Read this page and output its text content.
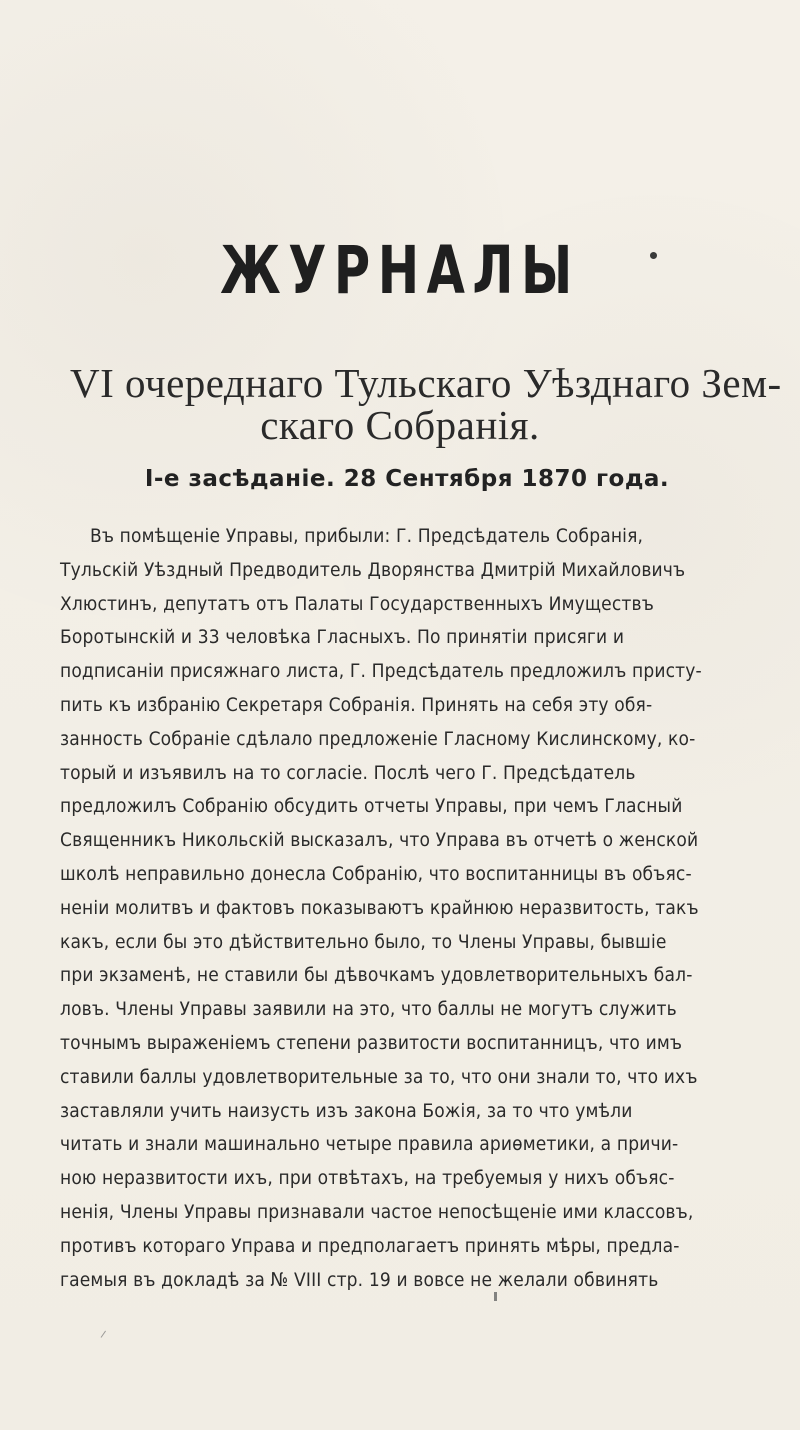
ЖУРНАЛЫ
VI очереднаго Тульскаго Уѣзднаго Зем-
скаго Собранія.
I-е засѣданіе. 28 Сентября 1870 года.
Въ помѣщеніе Управы, прибыли: Г. Предсѣдатель Собранія,
Тульскій Уѣздный Предводитель Дворянства Дмитрій Михайловичъ
Хлюстинъ, депутатъ отъ Палаты Государственныхъ Имуществъ
Боротынскій и 33 человѣка Гласныхъ. По принятіи присяги и
подписаніи присяжнаго листа, Г. Предсѣдатель предложилъ присту-
пить къ избранію Секретаря Собранія. Принять на себя эту обя-
занность Собраніе сдѣлало предложеніе Гласному Кислинскому, ко-
торый и изъявилъ на то согласіе. Послѣ чего Г. Предсѣдатель
предложилъ Собранію обсудить отчеты Управы, при чемъ Гласный
Священникъ Никольскій высказалъ, что Управа въ отчетѣ о женской
школѣ неправильно донесла Собранію, что воспитанницы въ объяс-
неніи молитвъ и фактовъ показываютъ крайнюю неразвитость, такъ
какъ, если бы это дѣйствительно было, то Члены Управы, бывшіе
при экзаменѣ, не ставили бы дѣвочкамъ удовлетворительныхъ бал-
ловъ. Члены Управы заявили на это, что баллы не могутъ служить
точнымъ выраженіемъ степени развитости воспитанницъ, что имъ
ставили баллы удовлетворительные за то, что они знали то, что ихъ
заставляли учить наизусть изъ закона Божія, за то что умѣли
читать и знали машинально четыре правила ариѳметики, а причи-
ною неразвитости ихъ, при отвѣтахъ, на требуемыя у нихъ объяс-
ненія, Члены Управы признавали частое непосѣщеніе ими классовъ,
противъ котораго Управа и предполагаетъ принять мѣры, предла-
гаемыя въ докладѣ за № VIII стр. 19 и вовсе не желали обвинять
